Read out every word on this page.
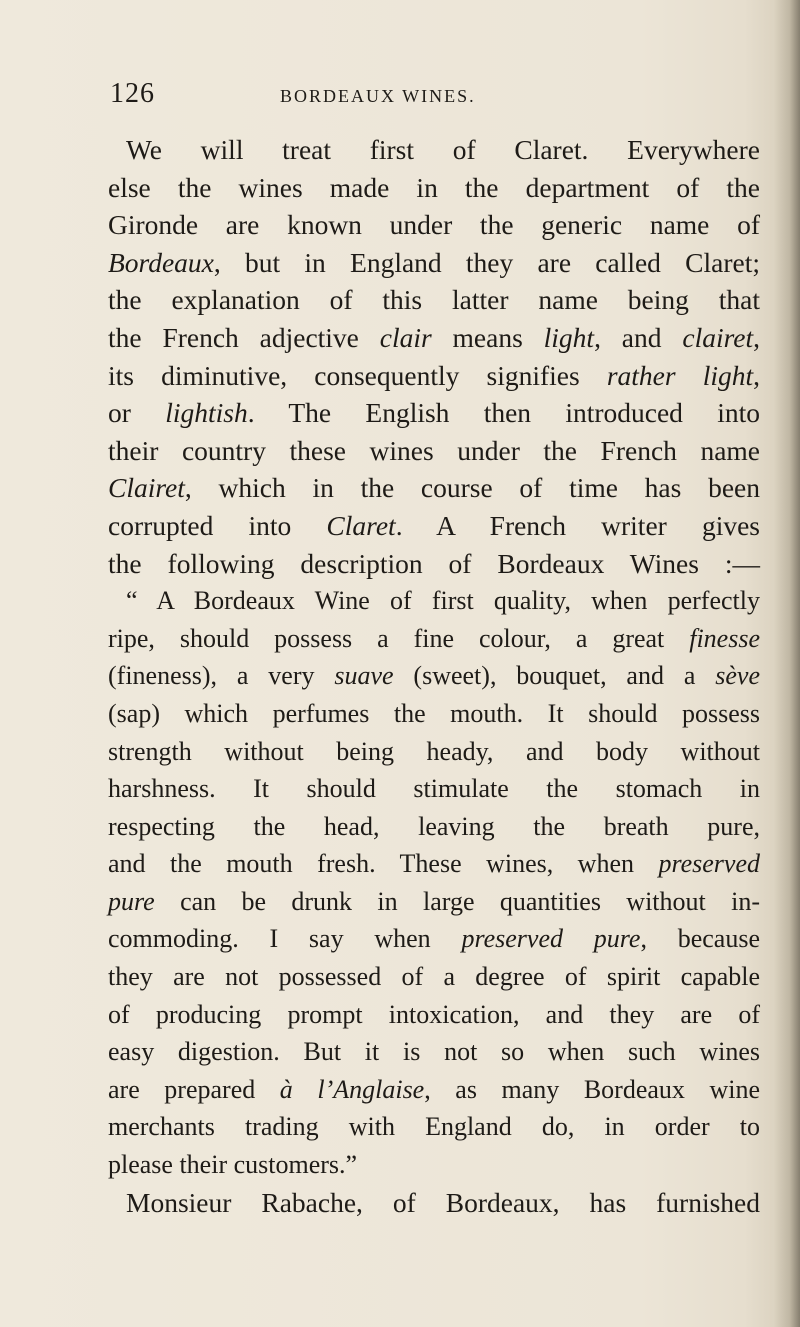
126	BORDEAUX WINES.

We will treat first of Claret. Everywhere

else the wines made in the department of the

Gironde are known under the generic name of

Bordeaux, but in England they are called Claret;

the explanation of this latter name being that

the French adjective clair means light, and clairet,

its diminutive, consequently signifies rather light,

or lightish. The English then introduced into

their country these wines under the French name

Clairet, which in the course of time has been

corrupted into Claret. A French writer gives

the following description of Bordeaux Wines :—

“ A Bordeaux Wine of first quality, when perfectly

ripe, should possess a fine colour, a great finesse

(fineness), a very suave (sweet), bouquet, and a sève

(sap) which perfumes the mouth. It should possess

strength without being heady, and body without

harshness. It should stimulate the stomach in

respecting the head, leaving the breath pure,

and the mouth fresh. These wines, when preserved

pure can be drunk in large quantities without in-

commoding. I say when preserved pure, because

they are not possessed of a degree of spirit capable

of producing prompt intoxication, and they are of

easy digestion. But it is not so when such wines

are prepared à l’Anglaise, as many Bordeaux wine

merchants trading with England do, in order to

please their customers.”

Monsieur Rabache, of Bordeaux, has furnished
